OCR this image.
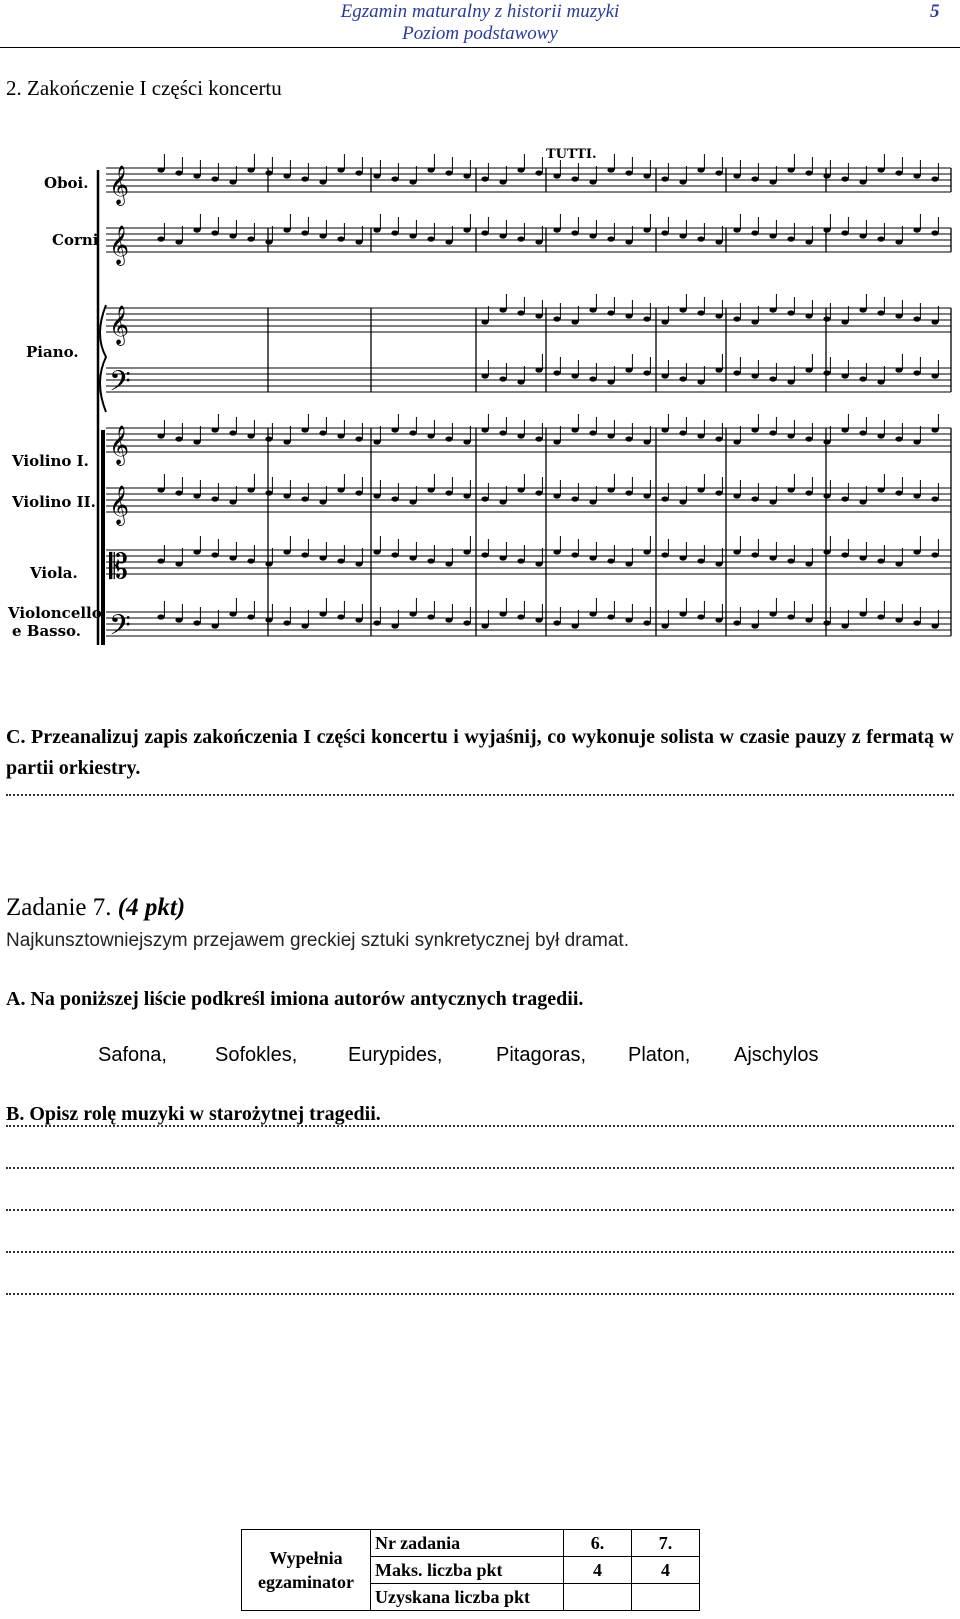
Egzamin maturalny z historii muzyki
Poziom podstawowy
5
2. Zakończenie I części koncertu
Oboi.
Corni
Piano.
Violino I.
Violino II.
Viola.
Violoncello
e Basso.
TUTTI.
𝄞
𝄞
𝄞
𝄢
𝄞
𝄞
𝄡
𝄢
C. Przeanalizuj zapis zakończenia I części koncertu i wyjaśnij, co wykonuje solista w czasie pauzy z fermatą w partii orkiestry.
Zadanie 7. (4 pkt)
Najkunsztowniejszym przejawem greckiej sztuki synkretycznej był dramat.
A. Na poniższej liście podkreśl imiona autorów antycznych tragedii.
Safona, Sofokles,	Eurypides,	Pitagoras, Platon, Ajschylos
B. Opisz rolę muzyki w starożytnej tragedii.
Wypełnia
egzaminator	Nr zadania	6.	7.
	Maks. liczba pkt	4	4
	Uzyskana liczba pkt		
